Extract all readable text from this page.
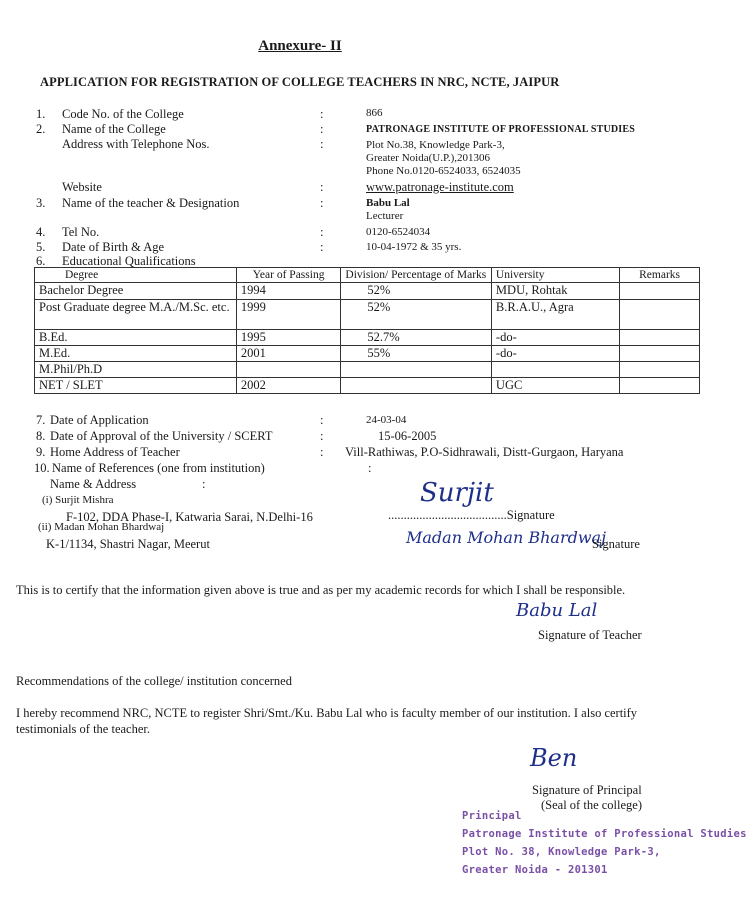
Annexure- II
APPLICATION FOR REGISTRATION OF COLLEGE TEACHERS IN NRC, NCTE, JAIPUR
1. Code No. of the College	:	866
2. Name of the College	:	PATRONAGE INSTITUTE OF PROFESSIONAL STUDIES
Address with Telephone Nos.	:	Plot No.38, Knowledge Park-3,
Greater Noida(U.P.),201306
Phone No.0120-6524033, 6524035
Website	:	www.patronage-institute.com
3. Name of the teacher & Designation	:	Babu Lal
Lecturer
4. Tel No.	:	0120-6524034
5. Date of Birth & Age	:	10-04-1972 & 35 yrs.
6. Educational Qualifications
Degree	Year of Passing	Division/ Percentage of Marks	University	Remarks
Bachelor Degree	1994	52%	MDU, Rohtak	
Post Graduate degree M.A./M.Sc. etc.	1999	52%	B.R.A.U., Agra	
B.Ed.	1995	52.7%	-do-	
M.Ed.	2001	55%	-do-	
M.Phil/Ph.D				
NET / SLET	2002		UGC	
7. Date of Application	:	24-03-04
8. Date of Approval of the University / SCERT	:	15-06-2005
9. Home Address of Teacher	: Vill-Rathiwas, P.O-Sidhrawali, Distt-Gurgaon, Haryana
10. Name of References (one from institution)	:
Name & Address	:
(i) Surjit Mishra
F-102, DDA Phase-I, Katwaria Sarai, N.Delhi-16
Surjit
......................................Signature
(ii) Madan Mohan Bhardwaj
K-1/1134, Shastri Nagar, Meerut	Madan Mohan Bhardwaj
Signature
This is to certify that the information given above is true and as per my academic records for which I shall be responsible.
Babu Lal
Signature of Teacher
Recommendations of the college/ institution concerned
I hereby recommend NRC, NCTE to register Shri/Smt./Ku. Babu Lal who is faculty member of our institution. I also certify testimonials of the teacher.
Ben
Signature of Principal
(Seal of the college)
Principal
Patronage Institute of Professional Studies
Plot No. 38, Knowledge Park-3,
Greater Noida - 201301
